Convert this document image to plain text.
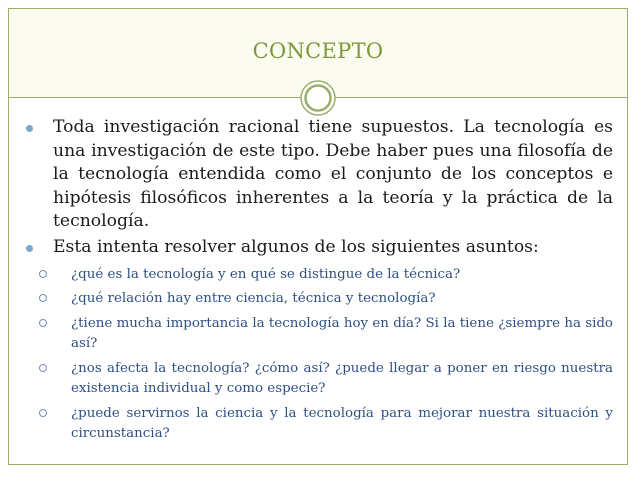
CONCEPTO
Toda investigación racional tiene supuestos. La tecnología es una investigación de este tipo. Debe haber pues una filosofía de la tecnología entendida como el conjunto de los conceptos e hipótesis filosóficos inherentes a la teoría y la práctica de la tecnología.
Esta intenta resolver algunos de los siguientes asuntos:
¿qué es la tecnología y en qué se distingue de la técnica?
¿qué relación hay entre ciencia, técnica y tecnología?
¿tiene mucha importancia la tecnología hoy en día? Si la tiene ¿siempre ha sido así?
¿nos afecta la tecnología? ¿cómo así? ¿puede llegar a poner en riesgo nuestra existencia individual y como especie?
¿puede servirnos la ciencia y la tecnología para mejorar nuestra situación y circunstancia?
